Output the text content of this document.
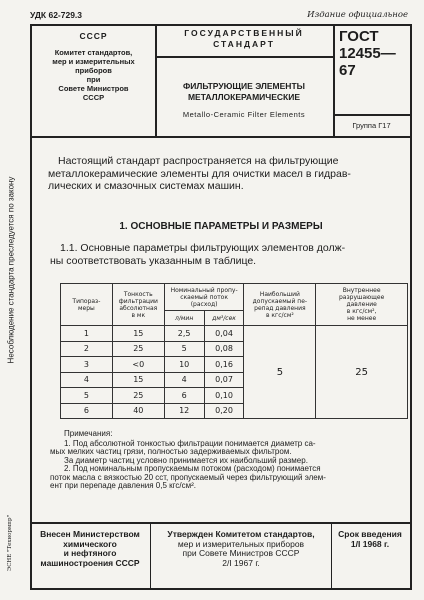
УДК 62-729.3	Издание официальное
СССР
Комитет стандартов,
мер и измерительных
приборов
при
Совете Министров
СССР
ГОСУДАРСТВЕННЫЙ
СТАНДАРТ
ФИЛЬТРУЮЩИЕ ЭЛЕМЕНТЫ
МЕТАЛЛОКЕРАМИЧЕСКИЕ
Metallo-Ceramic Filter Elements
ГОСТ
12455—67
Группа Г17
Несоблюдение стандарта преследуется по закону
ЭСНЕ "Технормпр"
Настоящий стандарт распространяется на фильтрующие

металлокерамические элементы для очистки масел в гидрав-
лических и смазочных системах машин.
1. ОСНОВНЫЕ ПАРАМЕТРЫ И РАЗМЕРЫ
1.1. Основные параметры фильтрующих элементов долж-
ны соответствовать указанным в таблице.
Типораз-
меры	Тонкость
фильтрации
абсолютная
в мк	Номинальный пропу-
скаемый поток
(расход)		Наибольший
допускаемый пе-
репад давления
в кгс/см²	Внутреннее
разрушающее
давление
в кгс/см²,
не менее
		л/мин	дм³/сек		
1	15	2,5	0,04	5	25
2	25	5	0,08		
3	<0	10	0,16		
4	15	4	0,07		
5	25	6	0,10		
6	40	12	0,20		
Примечания:
1. Под абсолютной тонкостью фильтрации понимается диаметр са-
мых мелких частиц грязи, полностью задерживаемых фильтром.

За диаметр частиц условно принимается их наибольший размер.
2. Под номинальным пропускаемым потоком (расходом) понимается
поток масла с вязкостью 20 сст, пропускаемый через фильтрующий элем-
ент при перепаде давления 0,5 кгс/см².
Внесен Министерством
химического
и нефтяного
машиностроения СССР
Утвержден Комитетом стандартов,
мер и измерительных приборов
при Совете Министров СССР
2/I 1967 г.
Срок введения
1/I 1968 г.
